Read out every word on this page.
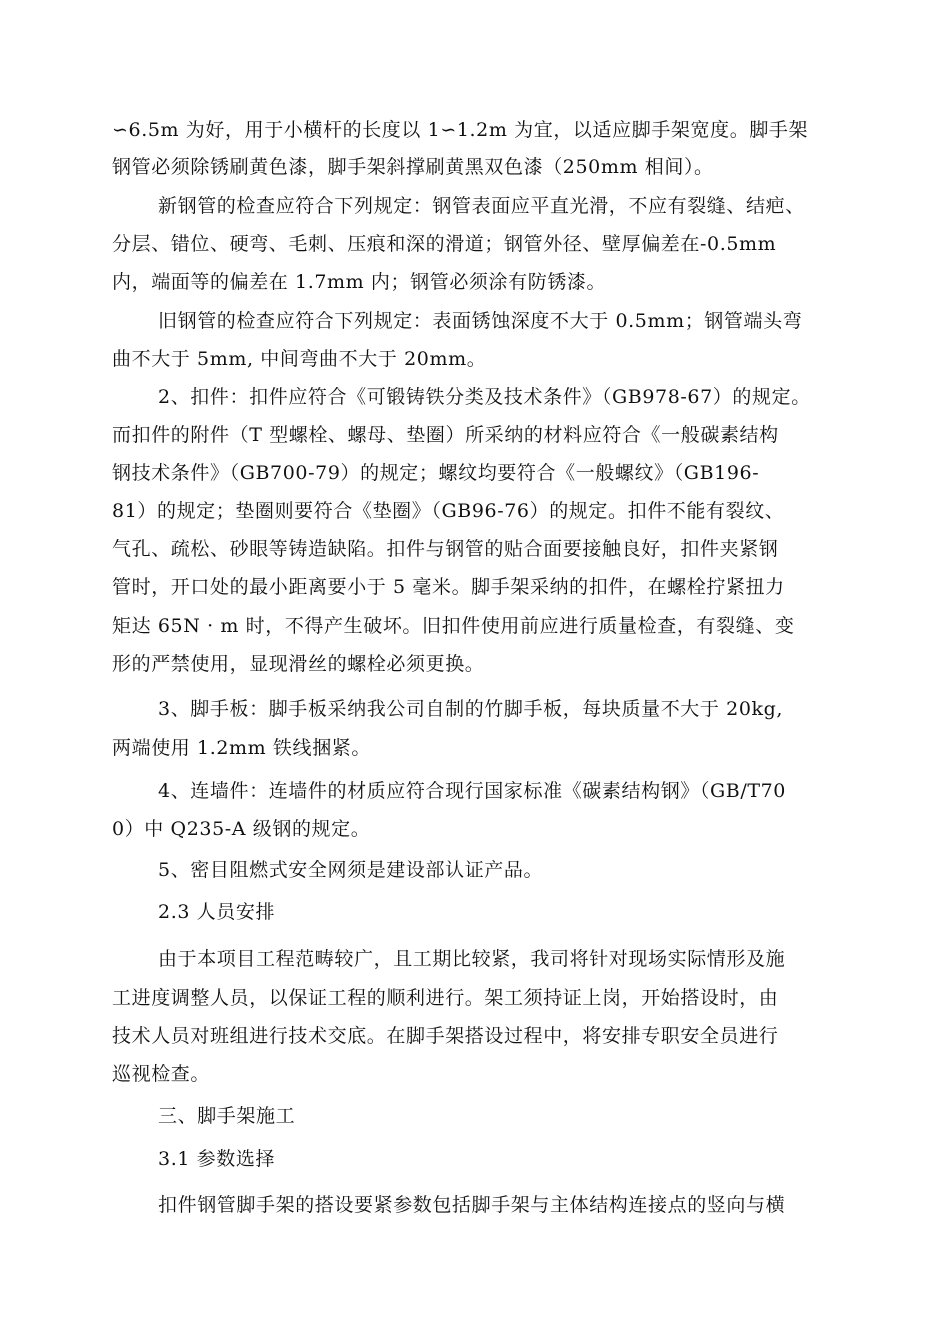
∽6.5m 为好，用于小横杆的长度以 1∽1.2m 为宜，以适应脚手架宽度。脚手架
钢管必须除锈刷黄色漆，脚手架斜撑刷黄黑双色漆（250mm 相间）。
新钢管的检查应符合下列规定：钢管表面应平直光滑，不应有裂缝、结疤、
分层、错位、硬弯、毛刺、压痕和深的滑道；钢管外径、壁厚偏差在-0.5mm
内，端面等的偏差在 1.7mm 内；钢管必须涂有防锈漆。
旧钢管的检查应符合下列规定：表面锈蚀深度不大于 0.5mm；钢管端头弯
曲不大于 5mm, 中间弯曲不大于 20mm。
2、扣件：扣件应符合《可锻铸铁分类及技术条件》（GB978-67）的规定。
而扣件的附件（T 型螺栓、螺母、垫圈）所采纳的材料应符合《一般碳素结构
钢技术条件》（GB700-79）的规定；螺纹均要符合《一般螺纹》（GB196-
81）的规定；垫圈则要符合《垫圈》（GB96-76）的规定。扣件不能有裂纹、
气孔、疏松、砂眼等铸造缺陷。扣件与钢管的贴合面要接触良好，扣件夹紧钢
管时，开口处的最小距离要小于 5 毫米。脚手架采纳的扣件，在螺栓拧紧扭力
矩达 65N · m 时，不得产生破坏。旧扣件使用前应进行质量检查，有裂缝、变
形的严禁使用，显现滑丝的螺栓必须更换。
3、脚手板：脚手板采纳我公司自制的竹脚手板，每块质量不大于 20kg,
两端使用 1.2mm 铁线捆紧。
4、连墙件：连墙件的材质应符合现行国家标准《碳素结构钢》（GB/T70
0）中 Q235-A 级钢的规定。
5、密目阻燃式安全网须是建设部认证产品。
2.3 人员安排
由于本项目工程范畴较广，且工期比较紧，我司将针对现场实际情形及施
工进度调整人员，以保证工程的顺利进行。架工须持证上岗，开始搭设时，由
技术人员对班组进行技术交底。在脚手架搭设过程中，将安排专职安全员进行
巡视检查。
三、脚手架施工
3.1 参数选择
扣件钢管脚手架的搭设要紧参数包括脚手架与主体结构连接点的竖向与横
